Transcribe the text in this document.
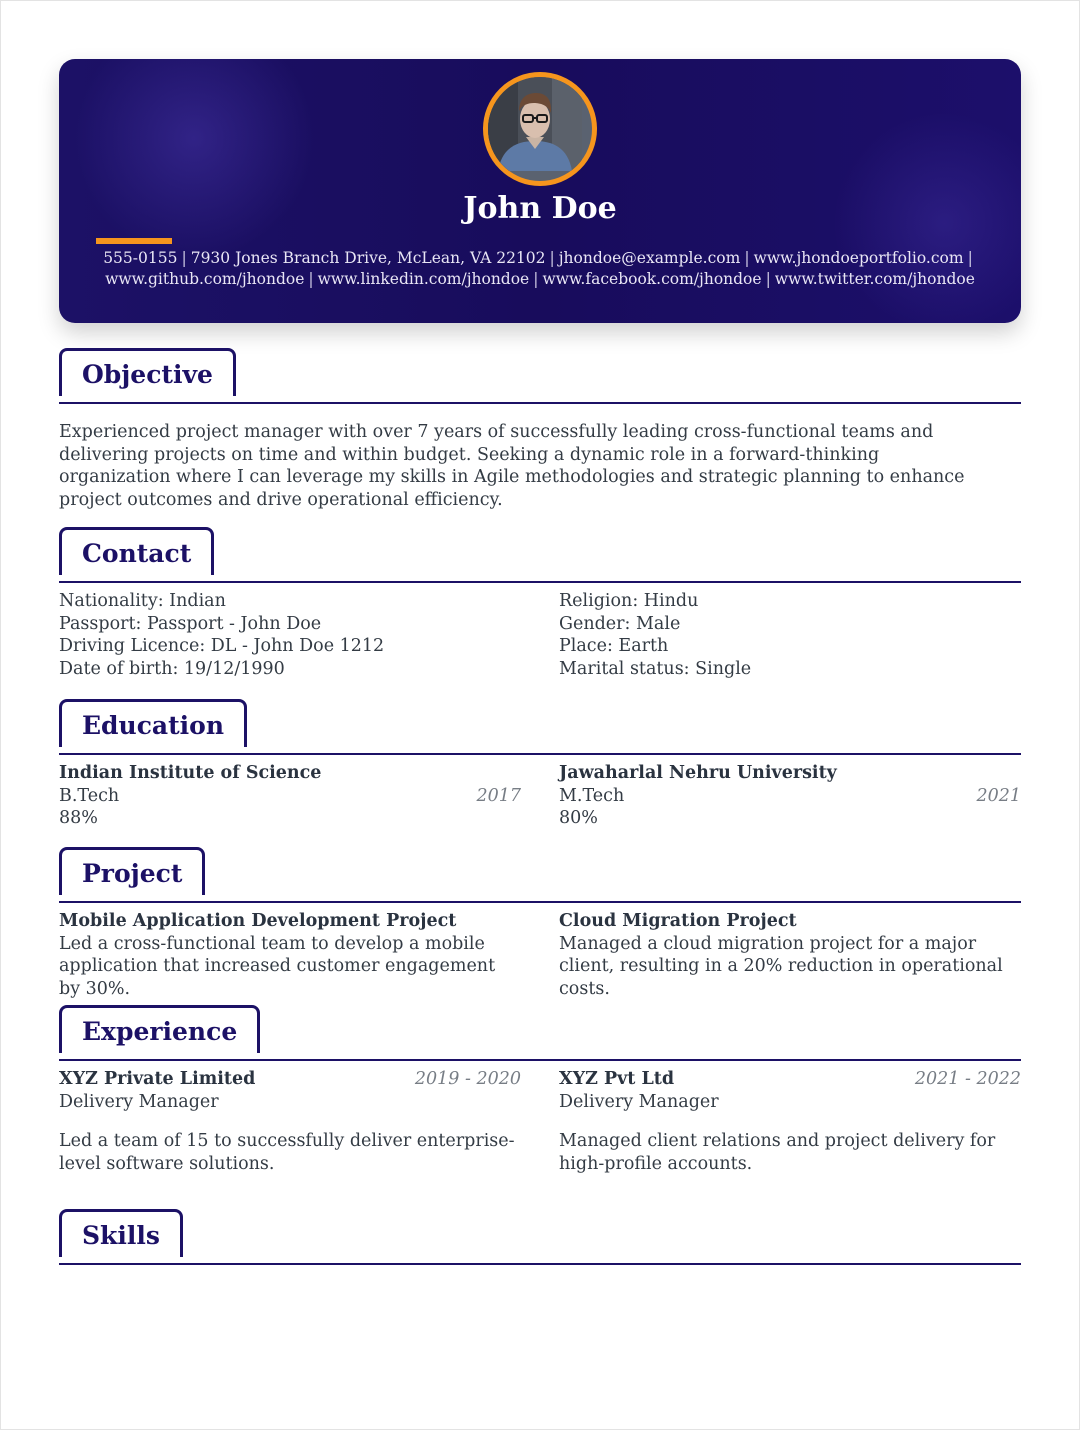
John Doe
555-0155 | 7930 Jones Branch Drive, McLean, VA 22102 | jhondoe@example.com | www.jhondoeportfolio.com |
www.github.com/jhondoe | www.linkedin.com/jhondoe | www.facebook.com/jhondoe | www.twitter.com/jhondoe
Objective
Experienced project manager with over 7 years of successfully leading cross-functional teams and delivering projects on time and within budget. Seeking a dynamic role in a forward-thinking organization where I can leverage my skills in Agile methodologies and strategic planning to enhance project outcomes and drive operational efficiency.
Contact
Nationality: Indian
Passport: Passport - John Doe
Driving Licence: DL - John Doe 1212
Date of birth: 19/12/1990
Religion: Hindu
Gender: Male
Place: Earth
Marital status: Single
Education
Indian Institute of Science
B.Tech	2017
88%
Jawaharlal Nehru University
M.Tech	2021
80%
Project
Mobile Application Development Project
Led a cross-functional team to develop a mobile application that increased customer engagement by 30%.
Cloud Migration Project
Managed a cloud migration project for a major client, resulting in a 20% reduction in operational costs.
Experience
XYZ Private Limited	2019 - 2020
Delivery Manager
Led a team of 15 to successfully deliver enterprise-level software solutions.
XYZ Pvt Ltd	2021 - 2022
Delivery Manager
Managed client relations and project delivery for high-profile accounts.
Skills
